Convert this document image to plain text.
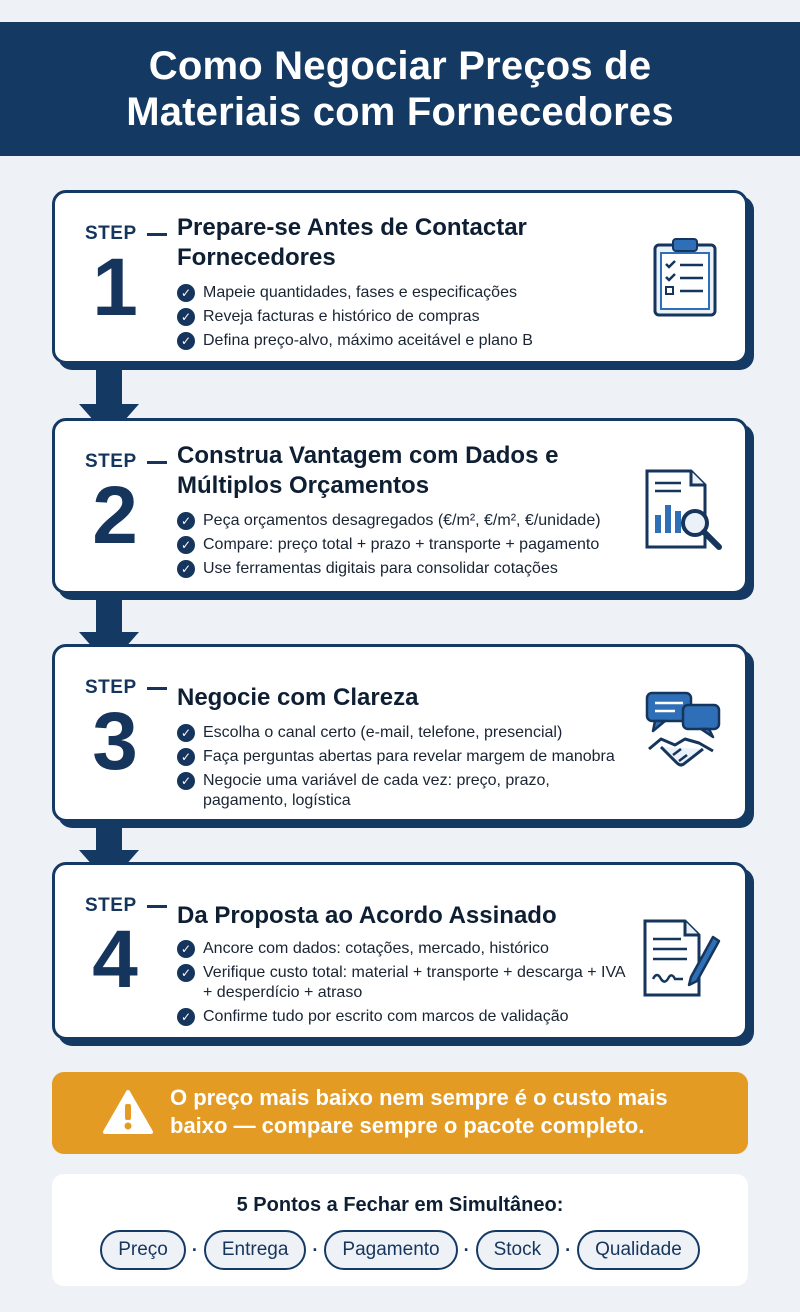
Como Negociar Preços de
Materiais com Fornecedores
STEP
1
Prepare-se Antes de Contactar Fornecedores
✓ Mapeie quantidades, fases e especificações
✓ Reveja facturas e histórico de compras
✓ Defina preço-alvo, máximo aceitável e plano B
STEP
2
Construa Vantagem com Dados e Múltiplos Orçamentos
✓ Peça orçamentos desagregados (€/m², €/m², €/unidade)
✓ Compare: preço total + prazo + transporte + pagamento
✓ Use ferramentas digitais para consolidar cotações
STEP
3	Negocie com Clareza
✓ Escolha o canal certo (e-mail, telefone, presencial)
✓ Faça perguntas abertas para revelar margem de manobra
✓ Negocie uma variável de cada vez: preço, prazo, pagamento, logística
STEP
4	Da Proposta ao Acordo Assinado
✓ Ancore com dados: cotações, mercado, histórico
✓ Verifique custo total: material + transporte + descarga + IVA + desperdício + atraso
✓ Confirme tudo por escrito com marcos de validação
O preço mais baixo nem sempre é o custo mais baixo — compare sempre o pacote completo.
5 Pontos a Fechar em Simultâneo:
Preço	·	Entrega	·	Pagamento	·	Stock	·	Qualidade
